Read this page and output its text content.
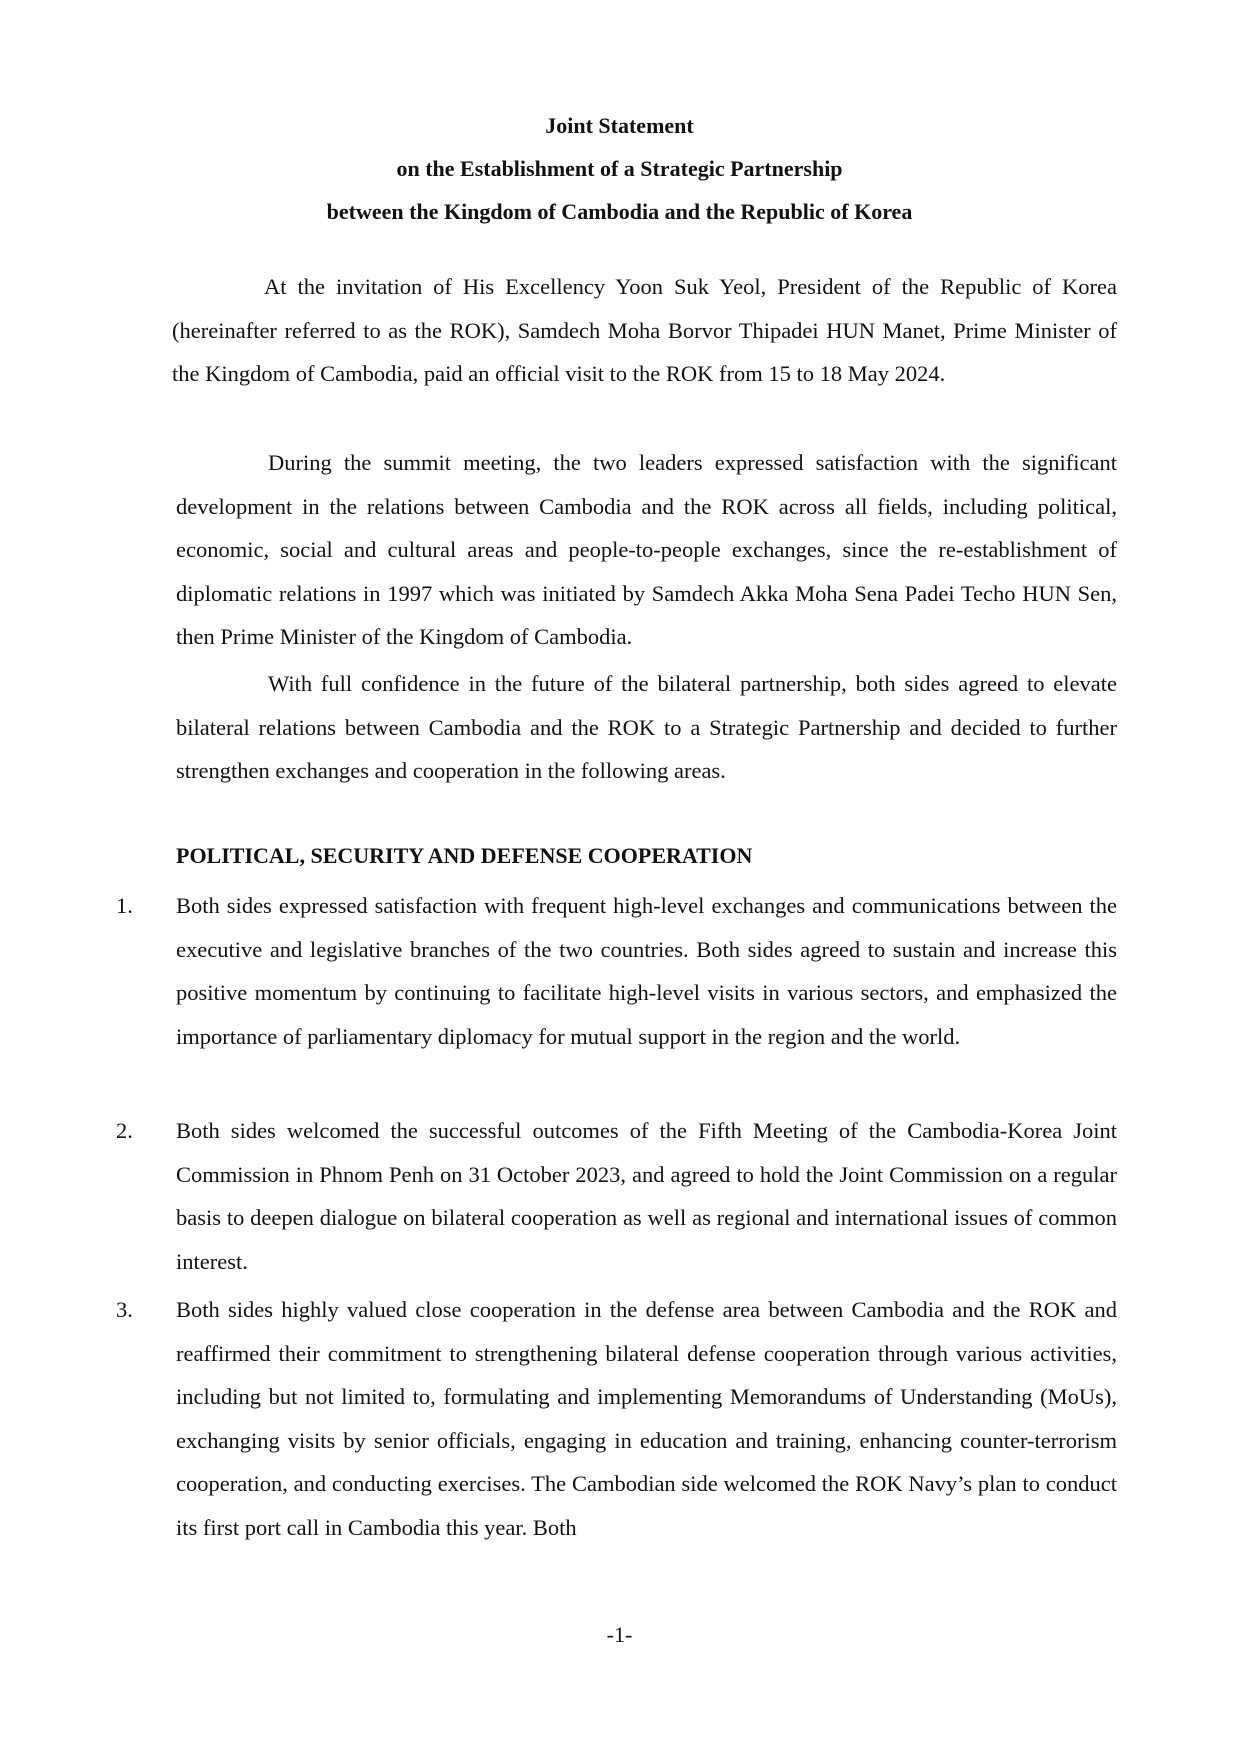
Joint Statement

on the Establishment of a Strategic Partnership

between the Kingdom of Cambodia and the Republic of Korea

At the invitation of His Excellency Yoon Suk Yeol, President of the Republic of Korea (hereinafter referred to as the ROK), Samdech Moha Borvor Thipadei HUN Manet, Prime Minister of the Kingdom of Cambodia, paid an official visit to the ROK from 15 to 18 May 2024.

During the summit meeting, the two leaders expressed satisfaction with the significant development in the relations between Cambodia and the ROK across all fields, including political, economic, social and cultural areas and people-to-people exchanges, since the re-establishment of diplomatic relations in 1997 which was initiated by Samdech Akka Moha Sena Padei Techo HUN Sen, then Prime Minister of the Kingdom of Cambodia.

With full confidence in the future of the bilateral partnership, both sides agreed to elevate bilateral relations between Cambodia and the ROK to a Strategic Partnership and decided to further strengthen exchanges and cooperation in the following areas.

POLITICAL, SECURITY AND DEFENSE COOPERATION

1.	Both sides expressed satisfaction with frequent high-level exchanges and communications between the executive and legislative branches of the two countries. Both sides agreed to sustain and increase this positive momentum by continuing to facilitate high-level visits in various sectors, and emphasized the importance of parliamentary diplomacy for mutual support in the region and the world.

2.	Both sides welcomed the successful outcomes of the Fifth Meeting of the Cambodia-Korea Joint Commission in Phnom Penh on 31 October 2023, and agreed to hold the Joint Commission on a regular basis to deepen dialogue on bilateral cooperation as well as regional and international issues of common interest.

3.	Both sides highly valued close cooperation in the defense area between Cambodia and the ROK and reaffirmed their commitment to strengthening bilateral defense cooperation through various activities, including but not limited to, formulating and implementing Memorandums of Understanding (MoUs), exchanging visits by senior officials, engaging in education and training, enhancing counter-terrorism cooperation, and conducting exercises. The Cambodian side welcomed the ROK Navy’s plan to conduct its first port call in Cambodia this year. Both

-1-
